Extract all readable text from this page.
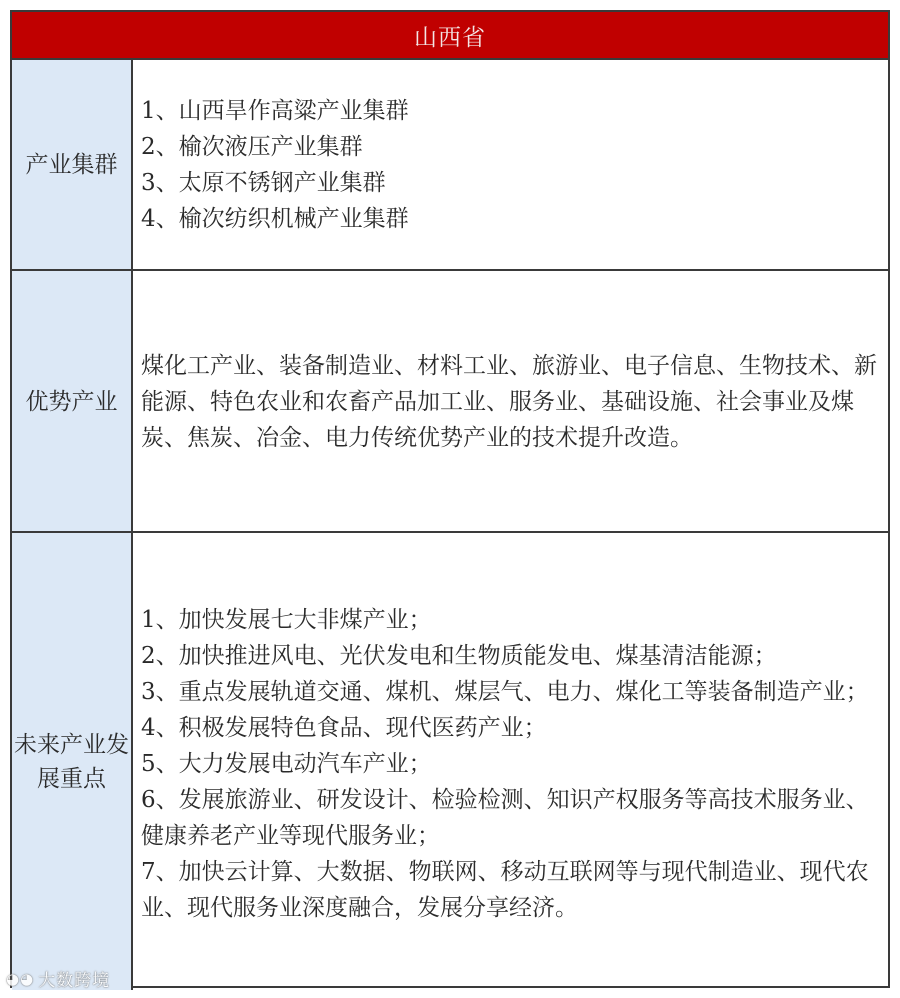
山西省
产业集群
1、山西旱作高粱产业集群
2、榆次液压产业集群
3、太原不锈钢产业集群
4、榆次纺织机械产业集群
优势产业
煤化工产业、装备制造业、材料工业、旅游业、电子信息、生物技术、新能源、特色农业和农畜产品加工业、服务业、基础设施、社会事业及煤炭、焦炭、冶金、电力传统优势产业的技术提升改造。
未来产业发展重点
1、加快发展七大非煤产业；
2、加快推进风电、光伏发电和生物质能发电、煤基清洁能源；
3、重点发展轨道交通、煤机、煤层气、电力、煤化工等装备制造产业；
4、积极发展特色食品、现代医药产业；
5、大力发展电动汽车产业；
6、发展旅游业、研发设计、检验检测、知识产权服务等高技术服务业、健康养老产业等现代服务业；
7、加快云计算、大数据、物联网、移动互联网等与现代制造业、现代农业、现代服务业深度融合，发展分享经济。
◕◕ 大数跨境
